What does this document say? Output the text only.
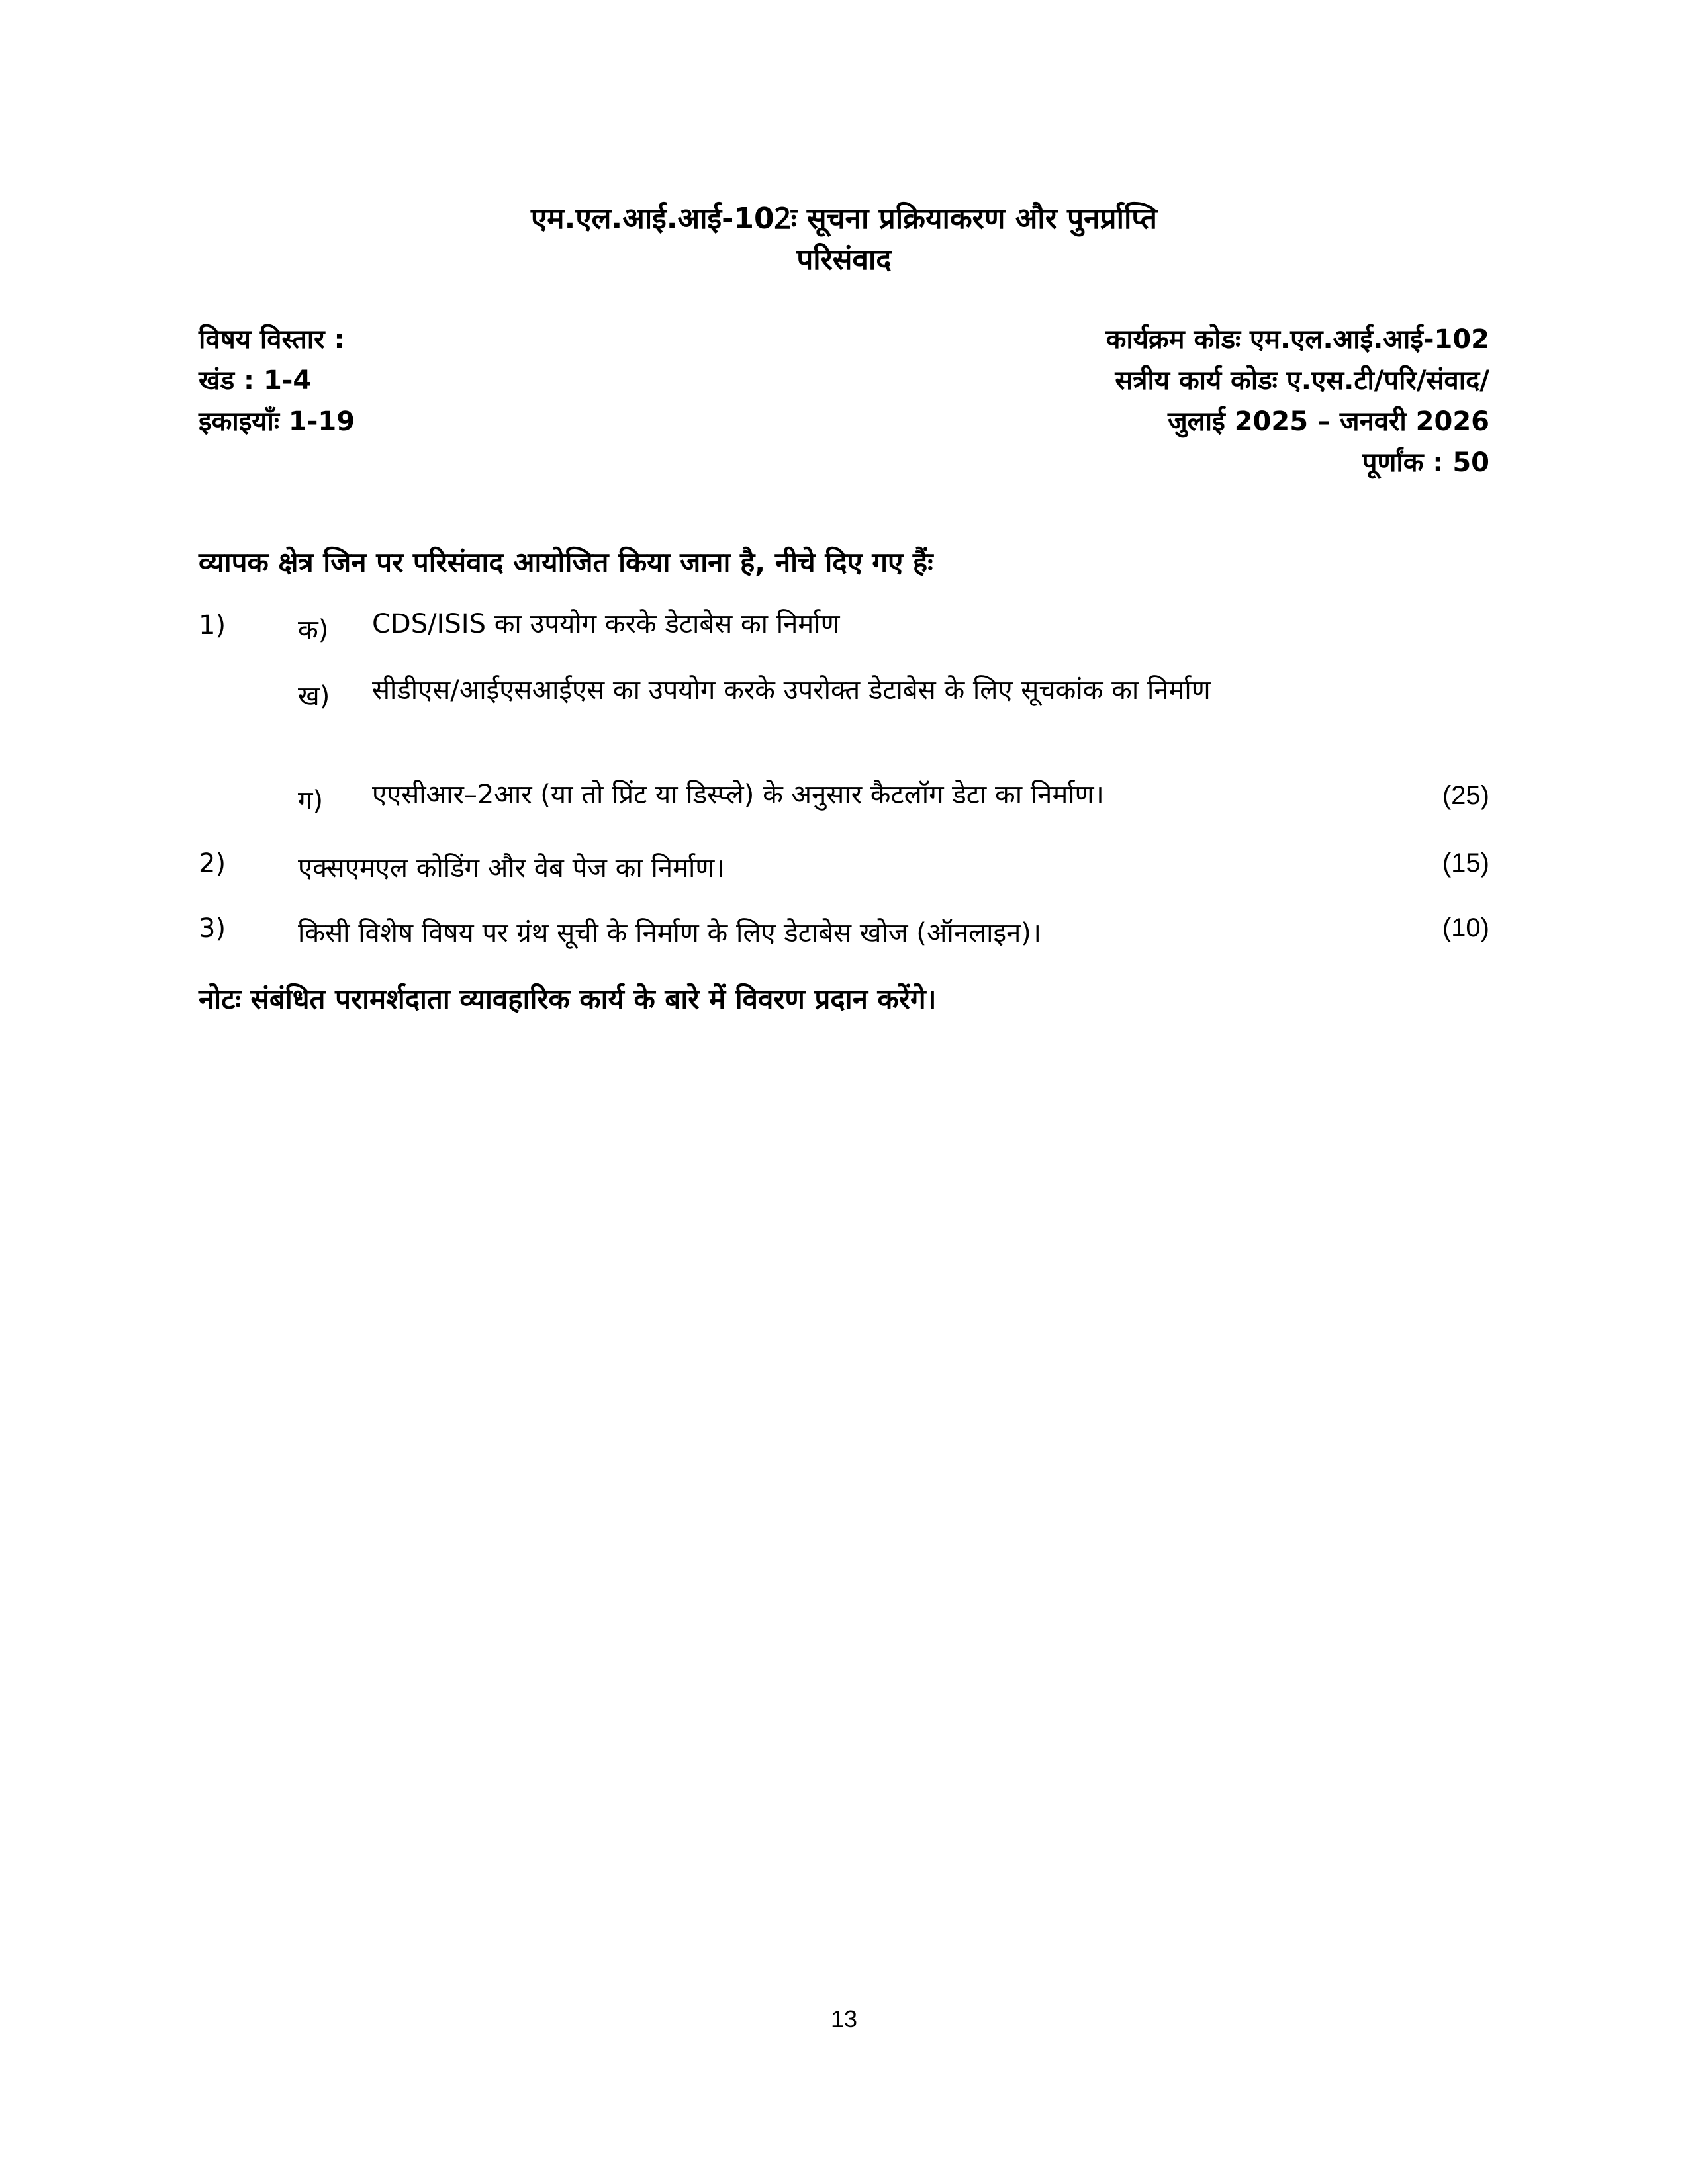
एम.एल.आई.आई-102ः सूचना प्रक्रियाकरण और पुनर्प्राप्ति
परिसंवाद
विषय विस्तार :
खंड : 1-4
इकाइयाँः 1-19
कार्यक्रम कोडः एम.एल.आई.आई-102
सत्रीय कार्य कोडः ए.एस.टी/परि/संवाद/
जुलाई 2025 – जनवरी 2026
पूर्णांक : 50
व्यापक क्षेत्र जिन पर परिसंवाद आयोजित किया जाना है, नीचे दिए गए हैंः
1)	क) CDS/ISIS का उपयोग करके डेटाबेस का निर्माण
ख) सीडीएस/आईएसआईएस का उपयोग करके उपरोक्त डेटाबेस के लिए सूचकांक का निर्माण
ग) एएसीआर–2आर (या तो प्रिंट या डिस्प्ले) के अनुसार कैटलॉग डेटा का निर्माण।	(25)
2)	एक्सएमएल कोडिंग और वेब पेज का निर्माण।	(15)
3)	किसी विशेष विषय पर ग्रंथ सूची के निर्माण के लिए डेटाबेस खोज (ऑनलाइन)।	(10)
नोटः संबंधित परामर्शदाता व्यावहारिक कार्य के बारे में विवरण प्रदान करेंगे।
13
